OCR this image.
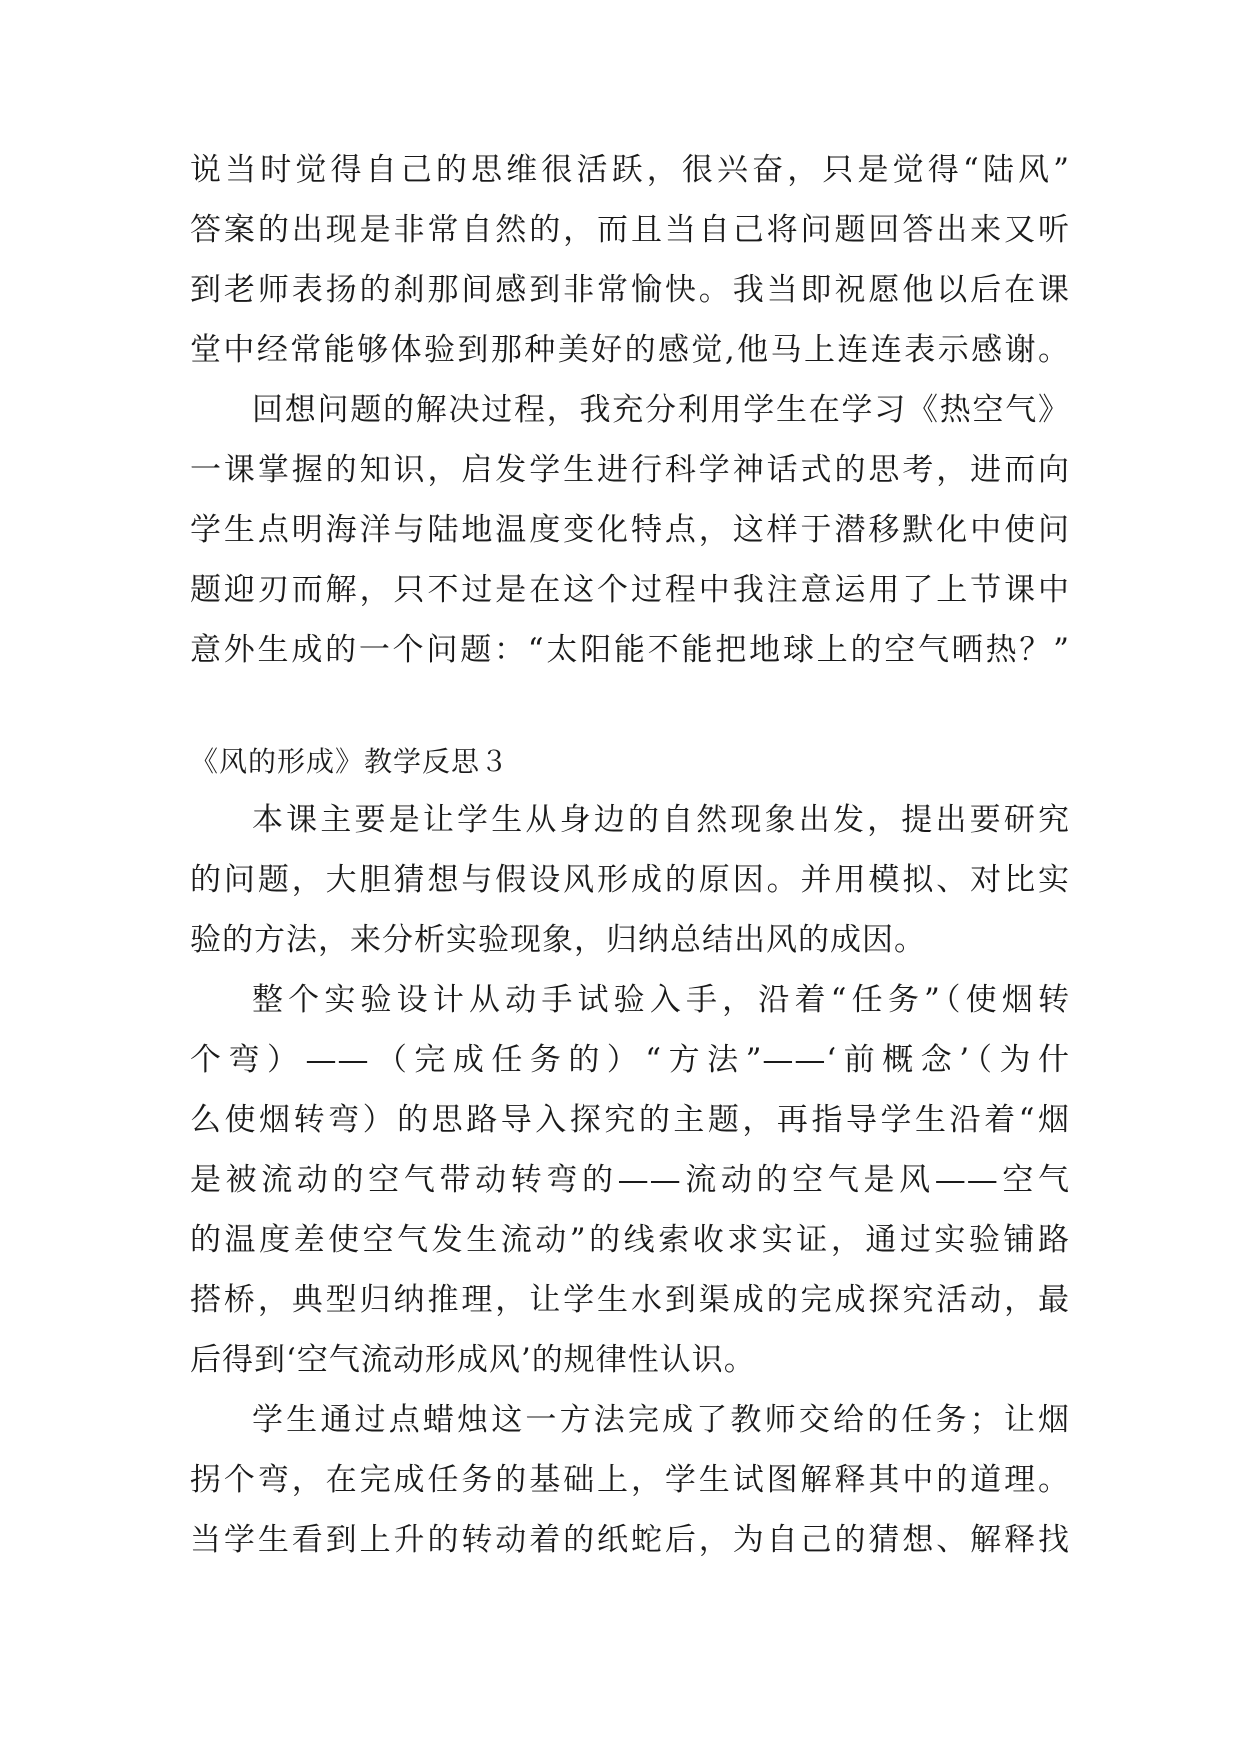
说当时觉得自己的思维很活跃，很兴奋，只是觉得“陆风”
答案的出现是非常自然的，而且当自己将问题回答出来又听
到老师表扬的刹那间感到非常愉快。我当即祝愿他以后在课
堂中经常能够体验到那种美好的感觉,他马上连连表示感谢。
回想问题的解决过程，我充分利用学生在学习《热空气》
一课掌握的知识，启发学生进行科学神话式的思考，进而向
学生点明海洋与陆地温度变化特点，这样于潜移默化中使问
题迎刃而解，只不过是在这个过程中我注意运用了上节课中
意外生成的一个问题：“太阳能不能把地球上的空气晒热？”
《风的形成》教学反思３
本课主要是让学生从身边的自然现象出发，提出要研究
的问题，大胆猜想与假设风形成的原因。并用模拟、对比实
验的方法，来分析实验现象，归纳总结出风的成因。
整个实验设计从动手试验入手，沿着“任务”（使烟转
个弯）——（完成任务的）“方法”——‘前概念’（为什
么使烟转弯）的思路导入探究的主题，再指导学生沿着“烟
是被流动的空气带动转弯的——流动的空气是风——空气
的温度差使空气发生流动”的线索收求实证，通过实验铺路
搭桥，典型归纳推理，让学生水到渠成的完成探究活动，最
后得到‘空气流动形成风’的规律性认识。
学生通过点蜡烛这一方法完成了教师交给的任务；让烟
拐个弯，在完成任务的基础上，学生试图解释其中的道理。
当学生看到上升的转动着的纸蛇后，为自己的猜想、解释找
